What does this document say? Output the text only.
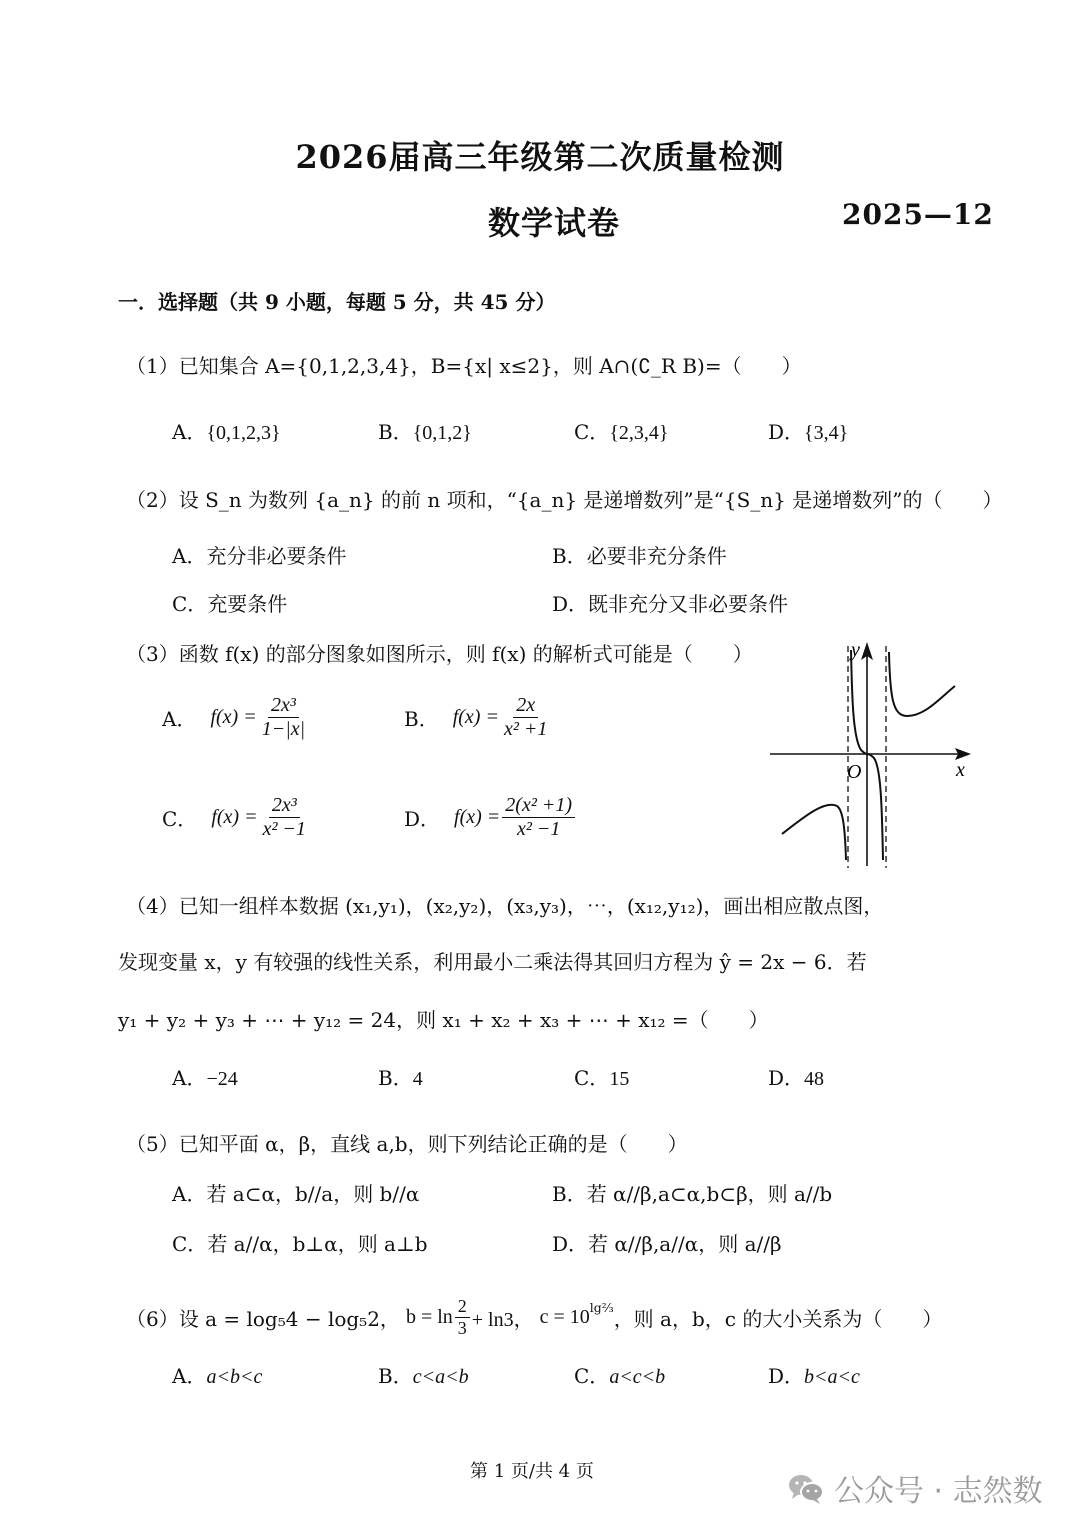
2026届高三年级第二次质量检测
数学试卷	2025—12
一．选择题（共 9 小题，每题 5 分，共 45 分）
（1）已知集合 A={0,1,2,3,4}，B={x| x≤2}，则 A∩(∁_R B)=（　　）
A．{0,1,2,3}	B．{0,1,2}	C．{2,3,4}	D．{3,4}
（2）设 S_n 为数列 {a_n} 的前 n 项和，“{a_n} 是递增数列”是“{S_n} 是递增数列”的（　　）
A．充分非必要条件	B．必要非充分条件
C．充要条件	D．既非充分又非必要条件
（3）函数 f(x) 的部分图象如图所示，则 f(x) 的解析式可能是（　　）
A． $f(x) = \frac{\text{2x³}}{1-|x|}$	B． $f(x) = \frac{2x}{\text{x² +1}}$
C． $f(x) = \frac{\text{2x³}}{\text{x² −1}}$	D． $f(x) = \frac{\text{2(x² +1)}}{\text{x² −1}}$
y
x
O
（4）已知一组样本数据 (x₁,y₁)，(x₂,y₂)，(x₃,y₃)，⋯，(x₁₂,y₁₂)，画出相应散点图，
发现变量 x，y 有较强的线性关系，利用最小二乘法得其回归方程为 ŷ = 2x − 6．若
y₁ + y₂ + y₃ + ⋯ + y₁₂ = 24，则 x₁ + x₂ + x₃ + ⋯ + x₁₂ =（　　）
A．−24	B．4	C．15	D．48
（5）已知平面 α，β，直线 a,b，则下列结论正确的是（　　）
A．若 a⊂α，b//a，则 b//α	B．若 α//β,a⊂α,b⊂β，则 a//b
C．若 a//α，b⊥α，则 a⊥b	D．若 α//β,a//α，则 a//β
（6） 设 a = log₅4 − log₅2， $b = \ln \frac{2}{3} + \ln 3$， $c = 10^{lg\frac{2}{3}}$ ，则 a，b，c 的大小关系为（　　）
A．a<b<c	B．c<a<b	C．a<c<b	D．b<a<c
第 1 页/共 4 页
公众号 · 志然数
